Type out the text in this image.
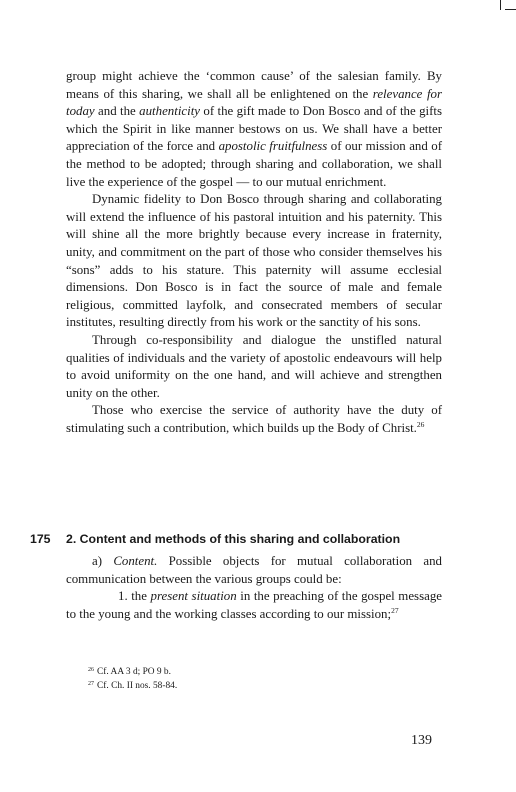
group might achieve the ‘common cause’ of the salesian family. By means of this sharing, we shall all be enlightened on the relevance for today and the authenticity of the gift made to Don Bosco and of the gifts which the Spirit in like manner bestows on us. We shall have a better appreciation of the force and apostolic fruitfulness of our mission and of the method to be adopted; through sharing and collaboration, we shall live the experience of the gospel — to our mutual enrichment.

Dynamic fidelity to Don Bosco through sharing and collaborating will extend the influence of his pastoral intuition and his paternity. This will shine all the more brightly because every increase in fraternity, unity, and commitment on the part of those who consider themselves his “sons” adds to his stature. This paternity will assume ecclesial dimensions. Don Bosco is in fact the source of male and female religious, committed layfolk, and consecrated members of secular institutes, resulting directly from his work or the sanctity of his sons.

Through co-responsibility and dialogue the unstifled natural qualities of individuals and the variety of apostolic endeavours will help to avoid uniformity on the one hand, and will achieve and strengthen unity on the other.

Those who exercise the service of authority have the duty of stimulating such a contribution, which builds up the Body of Christ.$^{26}$

175 2. Content and methods of this sharing and collaboration

a) Content. Possible objects for mutual collaboration and communication between the various groups could be:

1. the present situation in the preaching of the gospel message to the young and the working classes according to our mission;$^{27}$

$^{26}$ Cf. AA 3 d; PO 9 b.

$^{27}$ Cf. Ch. II nos. 58-84.

139
